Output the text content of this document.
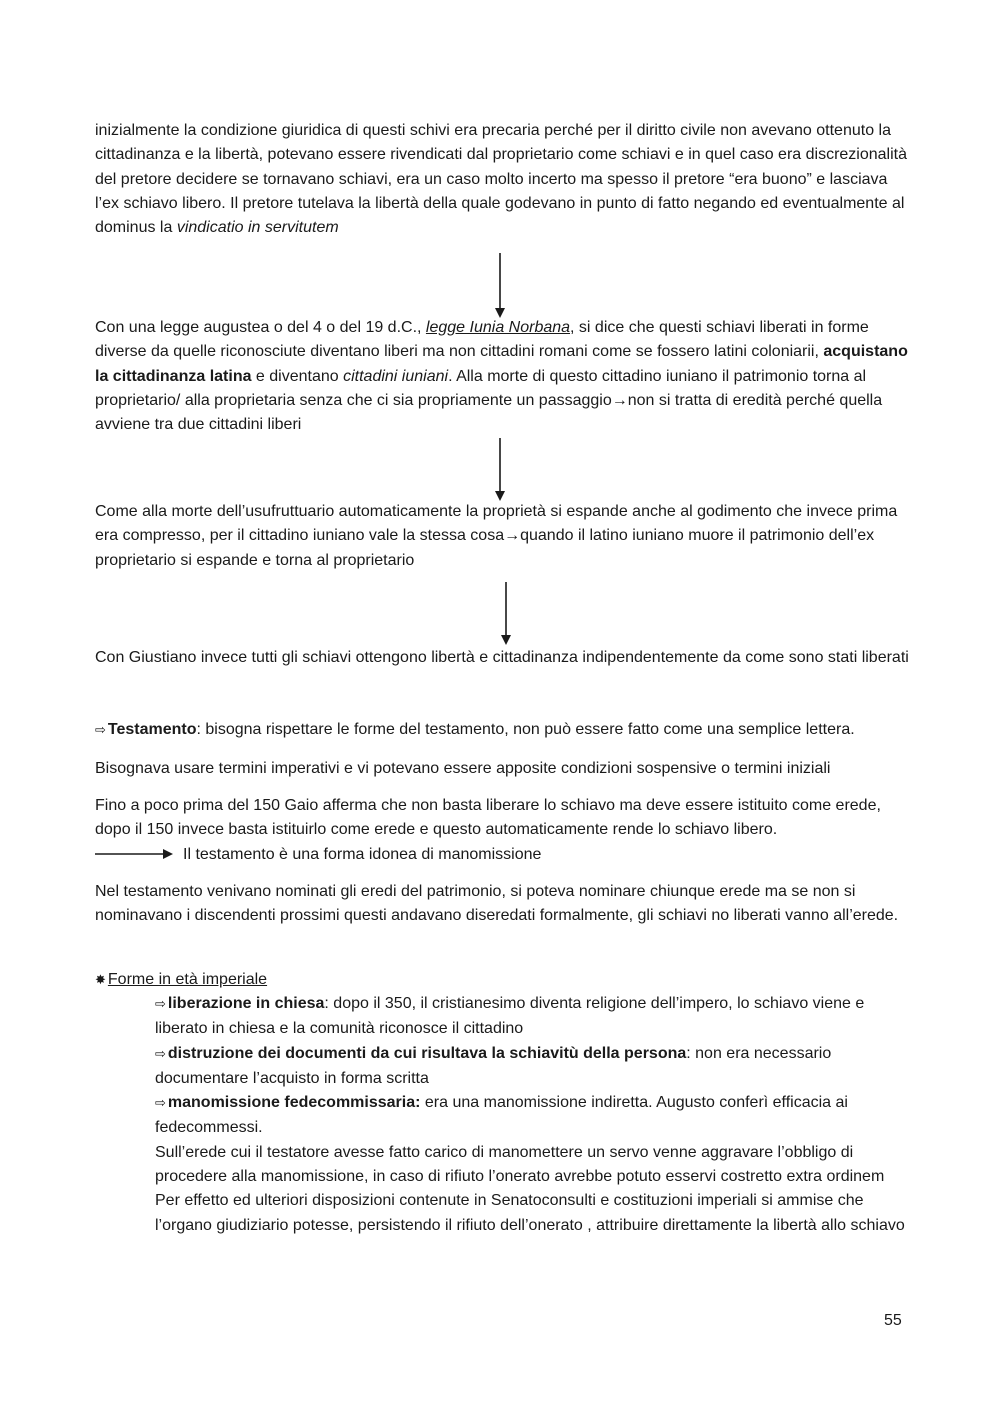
inizialmente la condizione giuridica di questi schivi era precaria perché per il diritto civile non avevano ottenuto la cittadinanza e la libertà, potevano essere rivendicati dal proprietario come schiavi e in quel caso era discrezionalità del pretore decidere se tornavano schiavi, era un caso molto incerto ma spesso il pretore “era buono” e lasciava l’ex schiavo libero. Il pretore tutelava la libertà della quale godevano in punto di fatto negando ed eventualmente al dominus la vindicatio in servitutem

Con una legge augustea o del 4 o del 19 d.C., legge Iunia Norbana, si dice che questi schiavi liberati in forme diverse da quelle riconosciute diventano liberi ma non cittadini romani come se fossero latini coloniarii, acquistano la cittadinanza latina e diventano cittadini iuniani. Alla morte di questo cittadino iuniano il patrimonio torna al proprietario/ alla proprietaria senza che ci sia propriamente un passaggio→non si tratta di eredità perché quella avviene tra due cittadini liberi

Come alla morte dell’usufruttuario automaticamente la proprietà si espande anche al godimento che invece prima era compresso, per il cittadino iuniano vale la stessa cosa→quando il latino iuniano muore il patrimonio dell’ex proprietario si espande e torna al proprietario

Con Giustiano invece tutti gli schiavi ottengono libertà e cittadinanza indipendentemente da come sono stati liberati

⇨ Testamento: bisogna rispettare le forme del testamento, non può essere fatto come una semplice lettera.

Bisognava usare termini imperativi e vi potevano essere apposite condizioni sospensive o termini iniziali

Fino a poco prima del 150 Gaio afferma che non basta liberare lo schiavo ma deve essere istituito come erede, dopo il 150 invece basta istituirlo come erede e questo automaticamente rende lo schiavo libero.

Il testamento è una forma idonea di manomissione

Nel testamento venivano nominati gli eredi del patrimonio, si poteva nominare chiunque erede ma se non si nominavano i discendenti prossimi questi andavano diseredati formalmente, gli schiavi no liberati vanno all’erede.

✸ Forme in età imperiale

⇨ liberazione in chiesa: dopo il 350, il cristianesimo diventa religione dell’impero, lo schiavo viene e liberato in chiesa e la comunità riconosce il cittadino
⇨ distruzione dei documenti da cui risultava la schiavitù della persona: non era necessario documentare l’acquisto in forma scritta
⇨ manomissione fedecommissaria: era una manomissione indiretta. Augusto conferì efficacia ai fedecommessi.
Sull’erede cui il testatore avesse fatto carico di manomettere un servo venne aggravare l’obbligo di procedere alla manomissione, in caso di rifiuto l’onerato avrebbe potuto esservi costretto extra ordinem
Per effetto ed ulteriori disposizioni contenute in Senatoconsulti e costituzioni imperiali si ammise che l’organo giudiziario potesse, persistendo il rifiuto dell’onerato , attribuire direttamente la libertà allo schiavo
55
